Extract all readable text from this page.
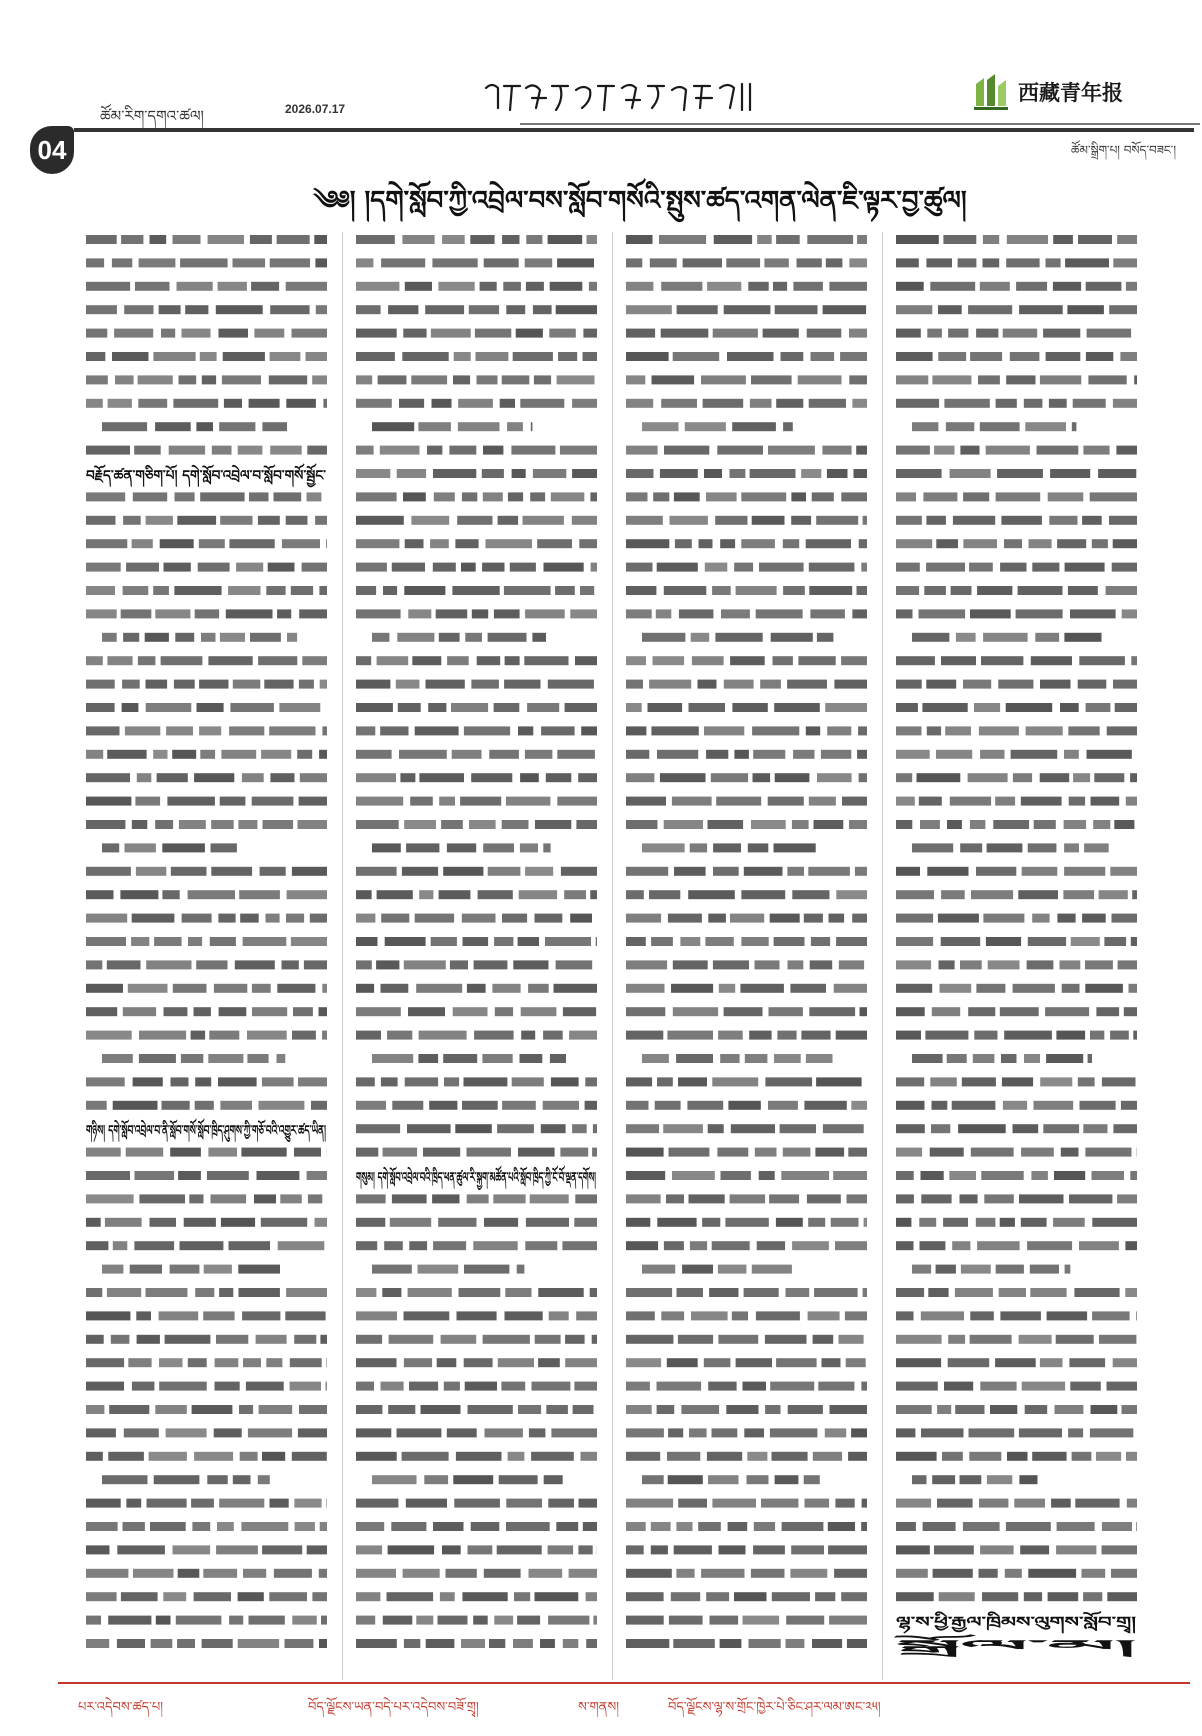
ཚོམ་རིག་དགའ་ཚལ།	2026.07.17
西藏青年报
04	ཚོམ་སྒྲིག་པ། བསོད་བཟང་།
༄༅། །དགེ་སློབ་ཀྱི་འབྲེལ་བས་སློབ་གསོའི་སྤུས་ཚད་འགན་ལེན་ཇི་ལྟར་བྱ་ཚུལ།
བརྗོད་ཚན་གཅིག་པོ། དགེ་སློབ་འབྲེལ་བ་སློབ་གསོ་སྦྱོང་
གཉིས། དགེ་སློབ་འབྲེལ་བ་ནི་སློབ་གསོ་སློབ་ཁྲིད་ཤུགས་ཀྱི་གཅོ་བའི་འགྱུར་ཚད་ཡིན།
གསུམ། དགེ་སློབ་འབྲེལ་བའི་ཁྲིད་ཕན་ཚུལ་རི་སྐྱག་མཚོན་པའི་སློབ་ཁྲིད་ཀྱི་ངོ་བོ་ལྡན་དགོས།
ལྷ་ས་ཕྱི་རྒྱལ་ཁྲིམས་ལུགས་སློབ་གྲྭ།
སྒྲོལ་མ།
པར་འདེབས་ཚད་པ།	བོད་ལྗོངས་ཡན་བདེ་པར་འདེབས་བཟོ་གྲྭ།	ས་གནས།	བོད་ལྗོངས་ལྷ་ས་གྲོང་ཁྱེར་པེ་ཅིང་ཤར་ལམ་ཨང་༢༥།
